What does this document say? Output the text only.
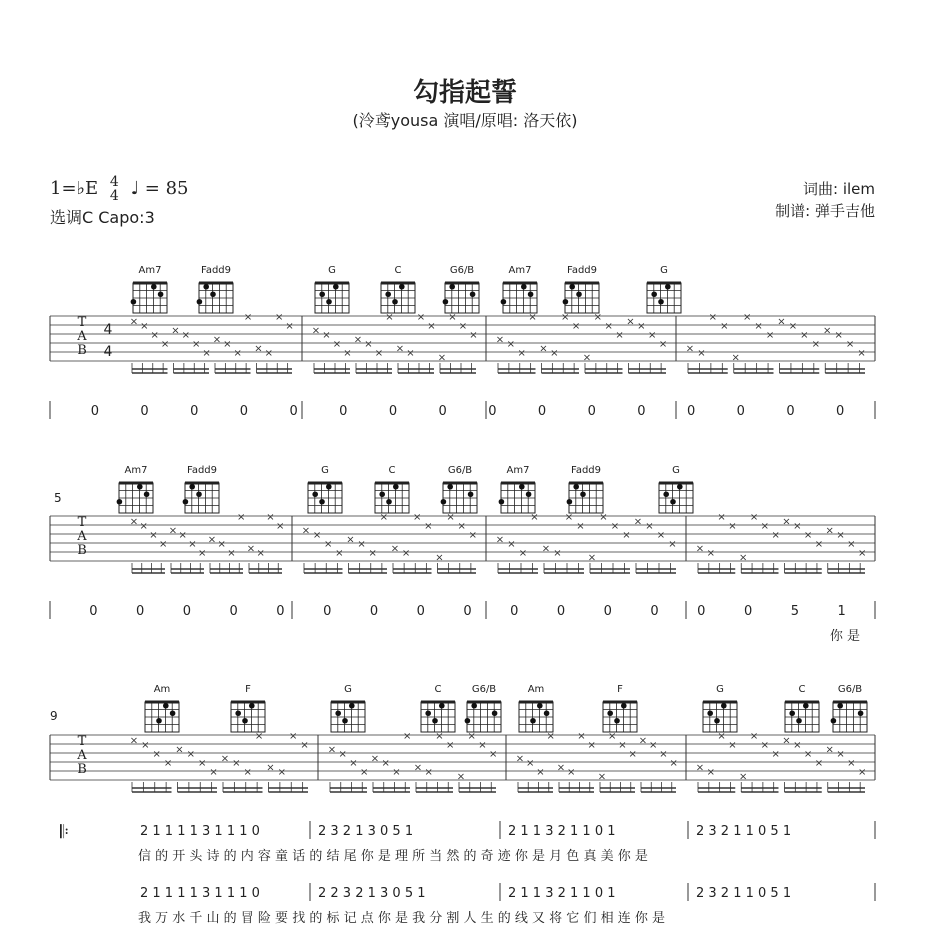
勾指起誓
(泠鸢yousa 演唱/原唱: 洛天依)
1=♭E 4
4 ♩ = 85
选调C Capo:3
词曲: ilem
制谱: 弹手吉他
Am7	Fadd9	G	C	G6/B	Am7	Fadd9	G
T
A
B
4
4
× ×
×
×
× ×
×
×
× ×
×
×
× ×
×
× × ×
×
×
× ×
×
×
× ×
×
×
×
×
×
× × ×
×
×
× ×
×
×
×
×
×
×
× ×
×
× × ×
×
×
×
×
×
×
× ×
×
×
× ×
×
×
0	0	0	0	0	0	0	0	0	0	0	0	0	0	0	0
5
Am7	Fadd9	G	C	G6/B	Am7	Fadd9	G
T
A
B
× ×
×
×
× ×
×
×
× ×
×
×
× ×
×
× × ×
×
×
× ×
×
×
× ×
×
×
×
×
×
× × ×
×
×
× ×
×
×
×
×
×
×
× ×
×
× × ×
×
×
×
×
×
×
× ×
×
×
× ×
×
×
0	0	0	0	0	0	0	0	0	0	0	0	0	0	0	5	1
你 是
9
Am	F	G	C	G6/B	Am	F	G	C	G6/B
T
A
B
× ×
×
×
× ×
×
×
× ×
×
×
× ×
×
× × ×
×
×
× ×
×
×
× ×
×
×
×
×
×
× × ×
×
×
× ×
×
×
×
×
×
×
× ×
×
× × ×
×
×
×
×
×
×
× ×
×
×
× ×
×
×
𝄆	2 1 1 1 1 3 1 1 1 0	2 3 2 1 3 0 5 1	2 1 1 3 2 1 1 0 1	2 3 2 1 1 0 5 1
信 的 开 头 诗 的 内 容 童 话 的 结 尾 你 是 理 所 当 然 的 奇 迹 你 是 月 色 真 美 你 是
2 1 1 1 1 3 1 1 1 0	2 2 3 2 1 3 0 5 1	2 1 1 3 2 1 1 0 1	2 3 2 1 1 0 5 1
我 万 水 千 山 的 冒 险 要 找 的 标 记 点 你 是 我 分 割 人 生 的 线 又 将 它 们 相 连 你 是
